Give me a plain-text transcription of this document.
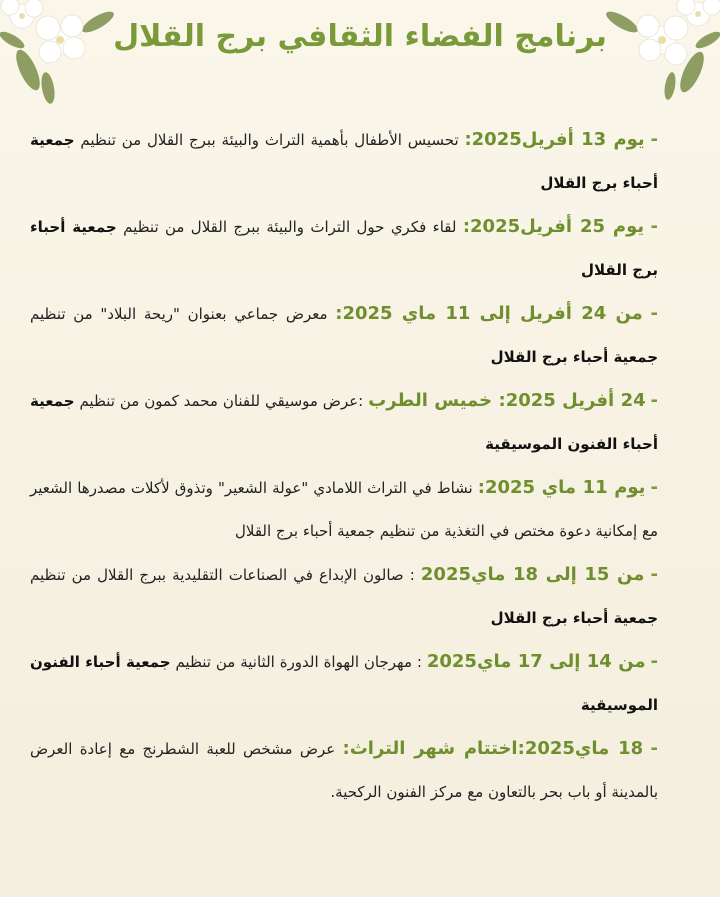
برنامج الفضاء الثقافي برج القلال

- يوم 13 أفريل2025: تحسيس الأطفال بأهمية التراث والبيئة ببرج القلال من تنظيم جمعية أحباء برج القلال

- يوم 25 أفريل2025: لقاء فكري حول التراث والبيئة ببرج القلال من تنظيم جمعية أحباء برج القلال

- من 24 أفريل إلى 11 ماي 2025: معرض جماعي بعنوان "ريحة البلاد" من تنظيم جمعية أحباء برج القلال

- 24 أفريل 2025: خميس الطرب :عرض موسيقي للفنان محمد كمون من تنظيم جمعية أحباء الفنون الموسيقية

- يوم 11 ماي 2025: نشاط في التراث اللامادي "عولة الشعير" وتذوق لأكلات مصدرها الشعير مع إمكانية دعوة مختص في التغذية من تنظيم جمعية أحباء برج القلال

- من 15 إلى 18 ماي2025 : صالون الإبداع في الصناعات التقليدية ببرج القلال من تنظيم جمعية أحباء برج القلال

- من 14 إلى 17 ماي2025 : مهرجان الهواة الدورة الثانية من تنظيم جمعية أحباء الفنون الموسيقية

- 18 ماي2025:اختتام شهر التراث: عرض مشخص للعبة الشطرنج مع إعادة العرض بالمدينة أو باب بحر بالتعاون مع مركز الفنون الركحية.
